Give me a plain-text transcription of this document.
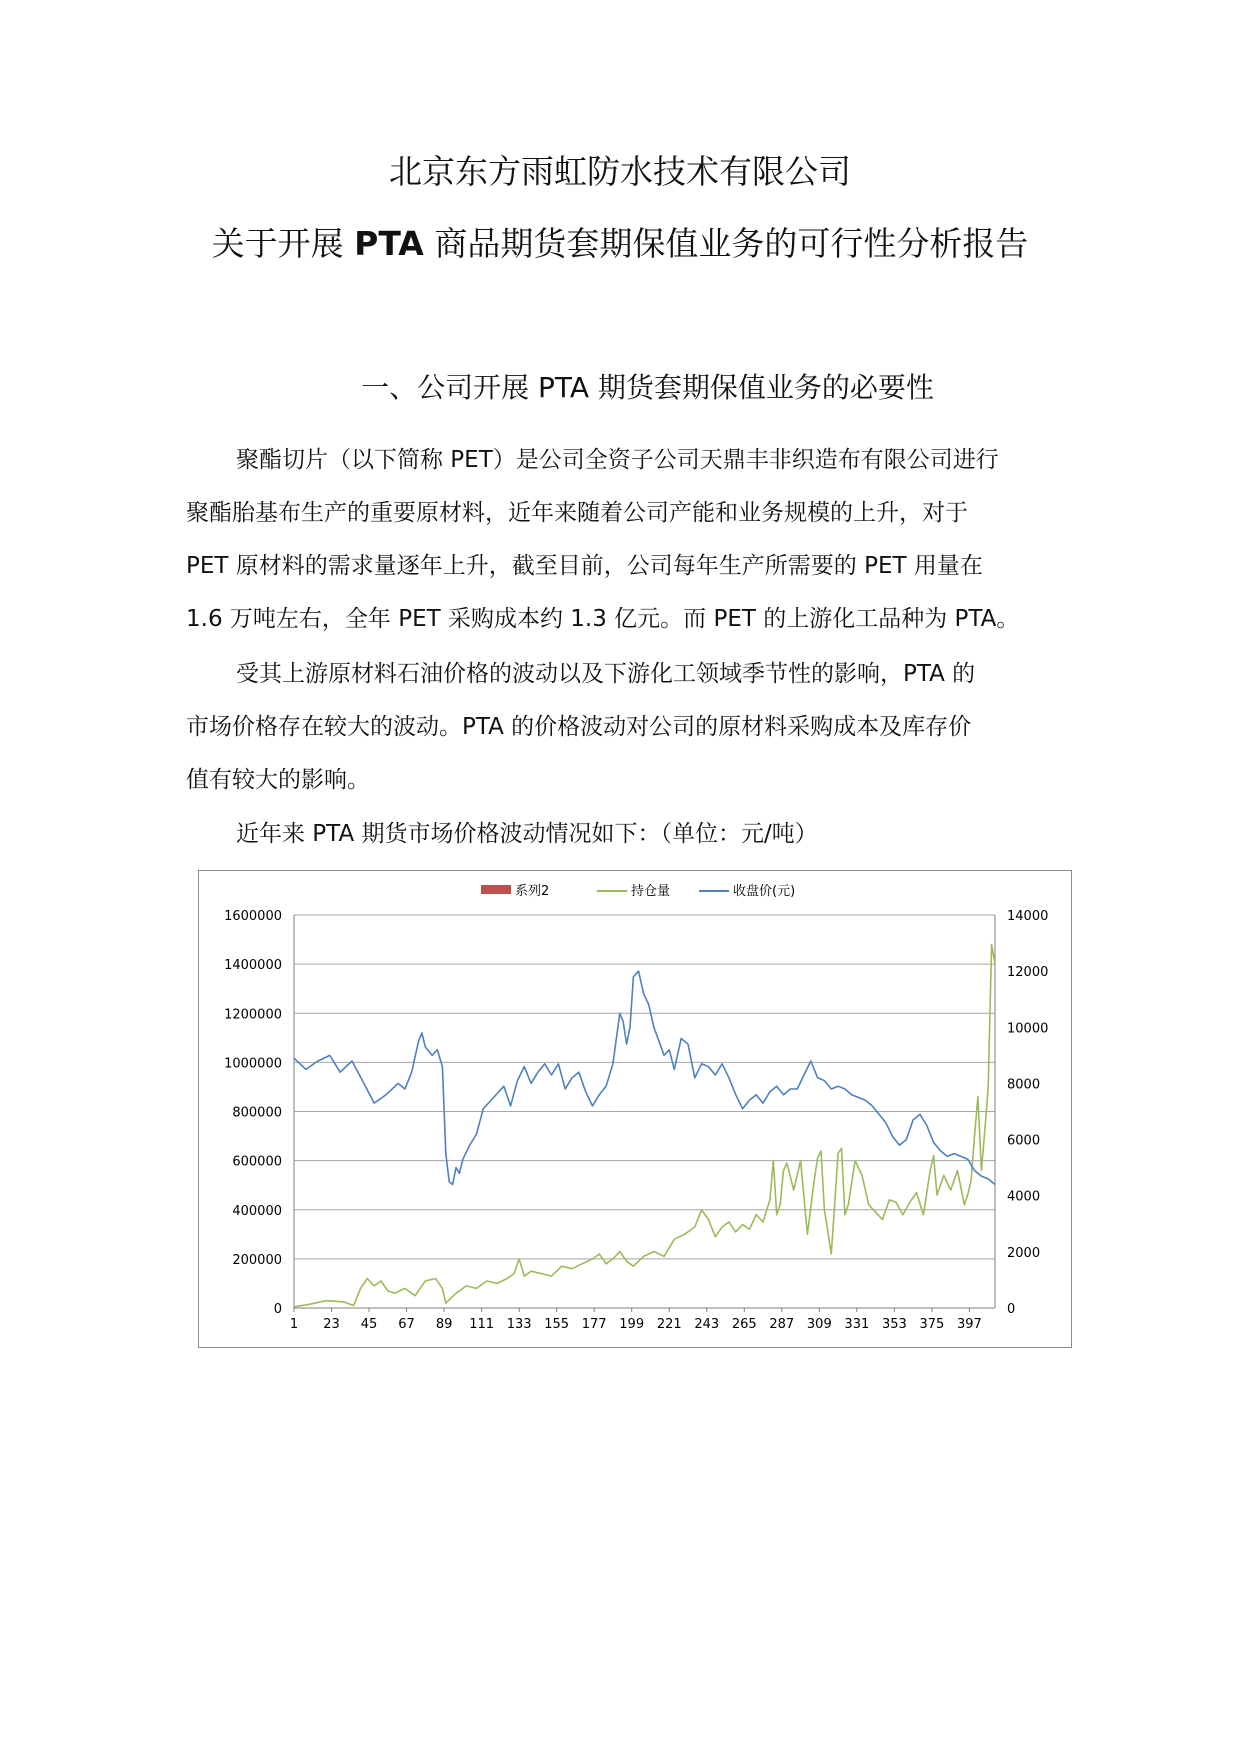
北京东方雨虹防水技术有限公司
关于开展 PTA 商品期货套期保值业务的可行性分析报告
一、公司开展 PTA 期货套期保值业务的必要性
聚酯切片（以下简称 PET）是公司全资子公司天鼎丰非织造布有限公司进行
聚酯胎基布生产的重要原材料，近年来随着公司产能和业务规模的上升，对于
PET 原材料的需求量逐年上升，截至目前，公司每年生产所需要的 PET 用量在
1.6 万吨左右，全年 PET 采购成本约 1.3 亿元。而 PET 的上游化工品种为 PTA。
受其上游原材料石油价格的波动以及下游化工领域季节性的影响，PTA 的
市场价格存在较大的波动。PTA 的价格波动对公司的原材料采购成本及库存价
值有较大的影响。
近年来 PTA 期货市场价格波动情况如下：（单位：元/吨）
0
200000
400000
600000
800000
1000000
1200000
1400000
1600000
0
2000
4000
6000
8000
10000
12000
14000
1 23 45 67 89 111 133 155 177 199 221 243 265 287 309 331 353 375 397
系列2	持仓量	收盘价(元)
